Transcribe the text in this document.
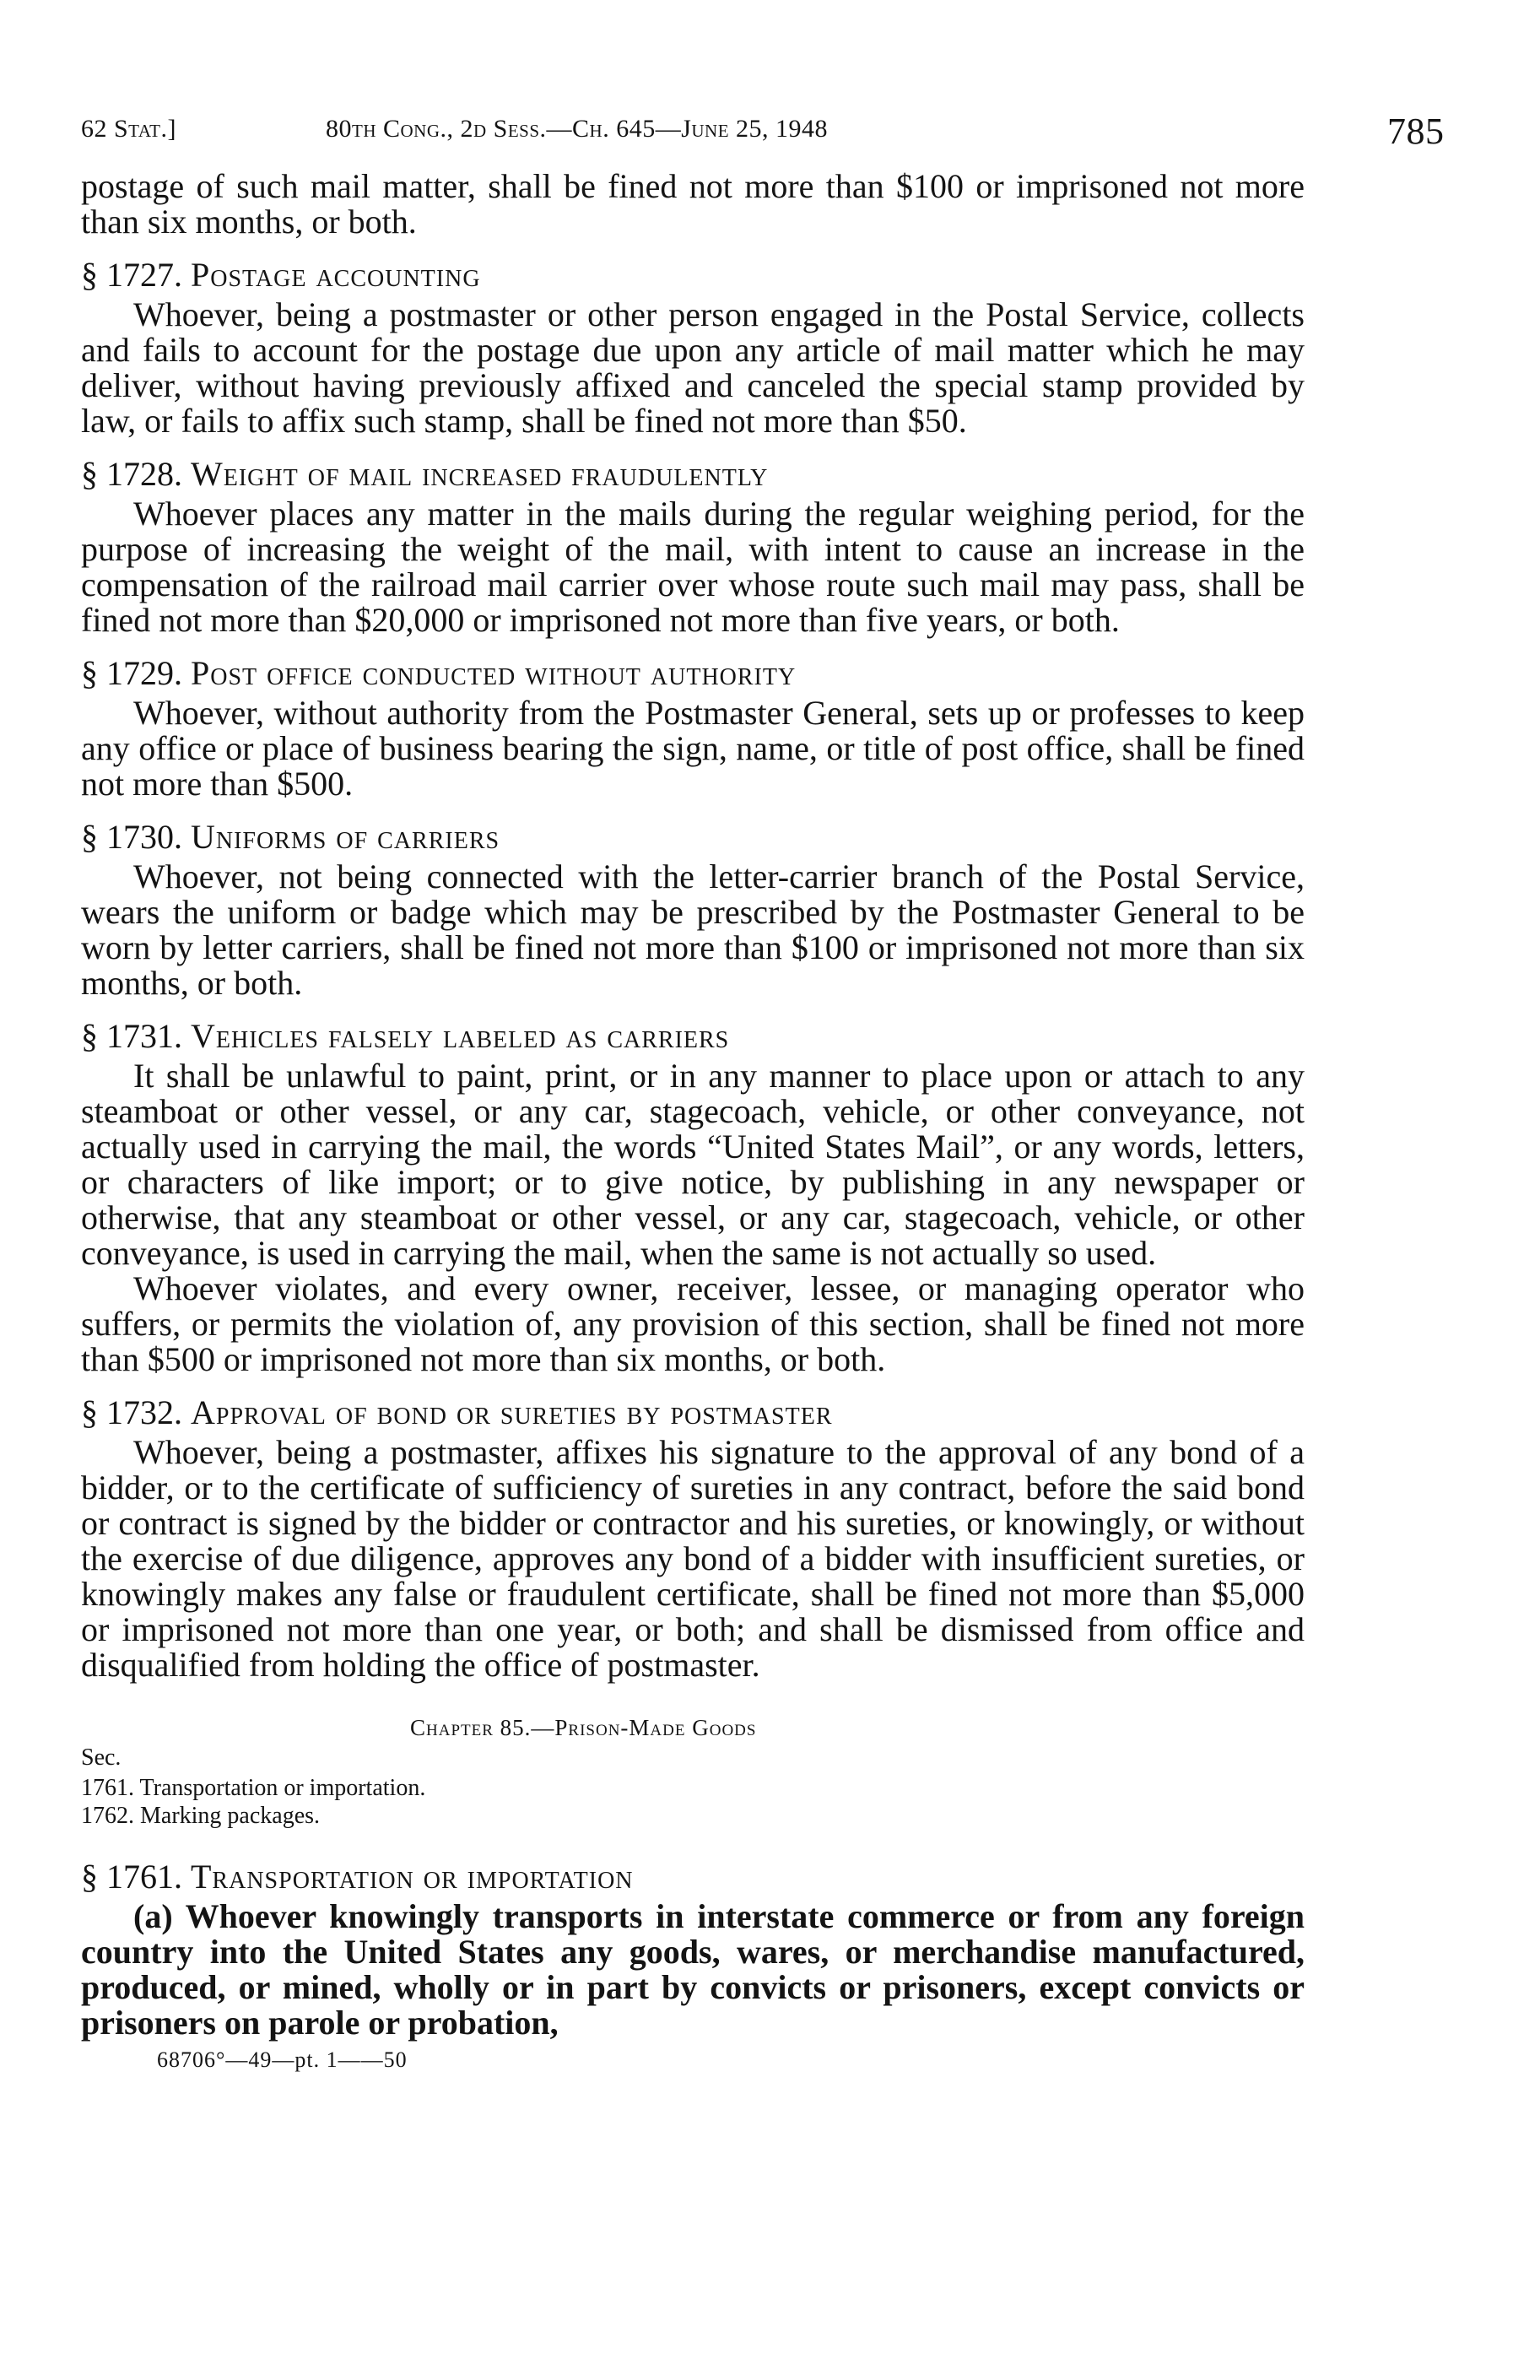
62 Stat.]	80th Cong., 2d Sess.—Ch. 645—June 25, 1948	785

postage of such mail matter, shall be fined not more than $100 or imprisoned not more than six months, or both.

§ 1727. Postage accounting

Whoever, being a postmaster or other person engaged in the Postal Service, collects and fails to account for the postage due upon any article of mail matter which he may deliver, without having previously affixed and canceled the special stamp provided by law, or fails to affix such stamp, shall be fined not more than $50.

§ 1728. Weight of mail increased fraudulently

Whoever places any matter in the mails during the regular weighing period, for the purpose of increasing the weight of the mail, with intent to cause an increase in the compensation of the railroad mail carrier over whose route such mail may pass, shall be fined not more than $20,000 or imprisoned not more than five years, or both.

§ 1729. Post office conducted without authority

Whoever, without authority from the Postmaster General, sets up or professes to keep any office or place of business bearing the sign, name, or title of post office, shall be fined not more than $500.

§ 1730. Uniforms of carriers

Whoever, not being connected with the letter-carrier branch of the Postal Service, wears the uniform or badge which may be prescribed by the Postmaster General to be worn by letter carriers, shall be fined not more than $100 or imprisoned not more than six months, or both.

§ 1731. Vehicles falsely labeled as carriers

It shall be unlawful to paint, print, or in any manner to place upon or attach to any steamboat or other vessel, or any car, stagecoach, vehicle, or other conveyance, not actually used in carrying the mail, the words “United States Mail”, or any words, letters, or characters of like import; or to give notice, by publishing in any newspaper or otherwise, that any steamboat or other vessel, or any car, stagecoach, vehicle, or other conveyance, is used in carrying the mail, when the same is not actually so used.

Whoever violates, and every owner, receiver, lessee, or managing operator who suffers, or permits the violation of, any provision of this section, shall be fined not more than $500 or imprisoned not more than six months, or both.

§ 1732. Approval of bond or sureties by postmaster

Whoever, being a postmaster, affixes his signature to the approval of any bond of a bidder, or to the certificate of sufficiency of sureties in any contract, before the said bond or contract is signed by the bidder or contractor and his sureties, or knowingly, or without the exercise of due diligence, approves any bond of a bidder with insufficient sureties, or knowingly makes any false or fraudulent certificate, shall be fined not more than $5,000 or imprisoned not more than one year, or both; and shall be dismissed from office and disqualified from holding the office of postmaster.

Chapter 85.—Prison-Made Goods
Sec.
1761. Transportation or importation.
1762. Marking packages.
§ 1761. Transportation or importation

(a) Whoever knowingly transports in interstate commerce or from any foreign country into the United States any goods, wares, or merchandise manufactured, produced, or mined, wholly or in part by convicts or prisoners, except convicts or prisoners on parole or probation,

68706°—49—pt. 1——50
